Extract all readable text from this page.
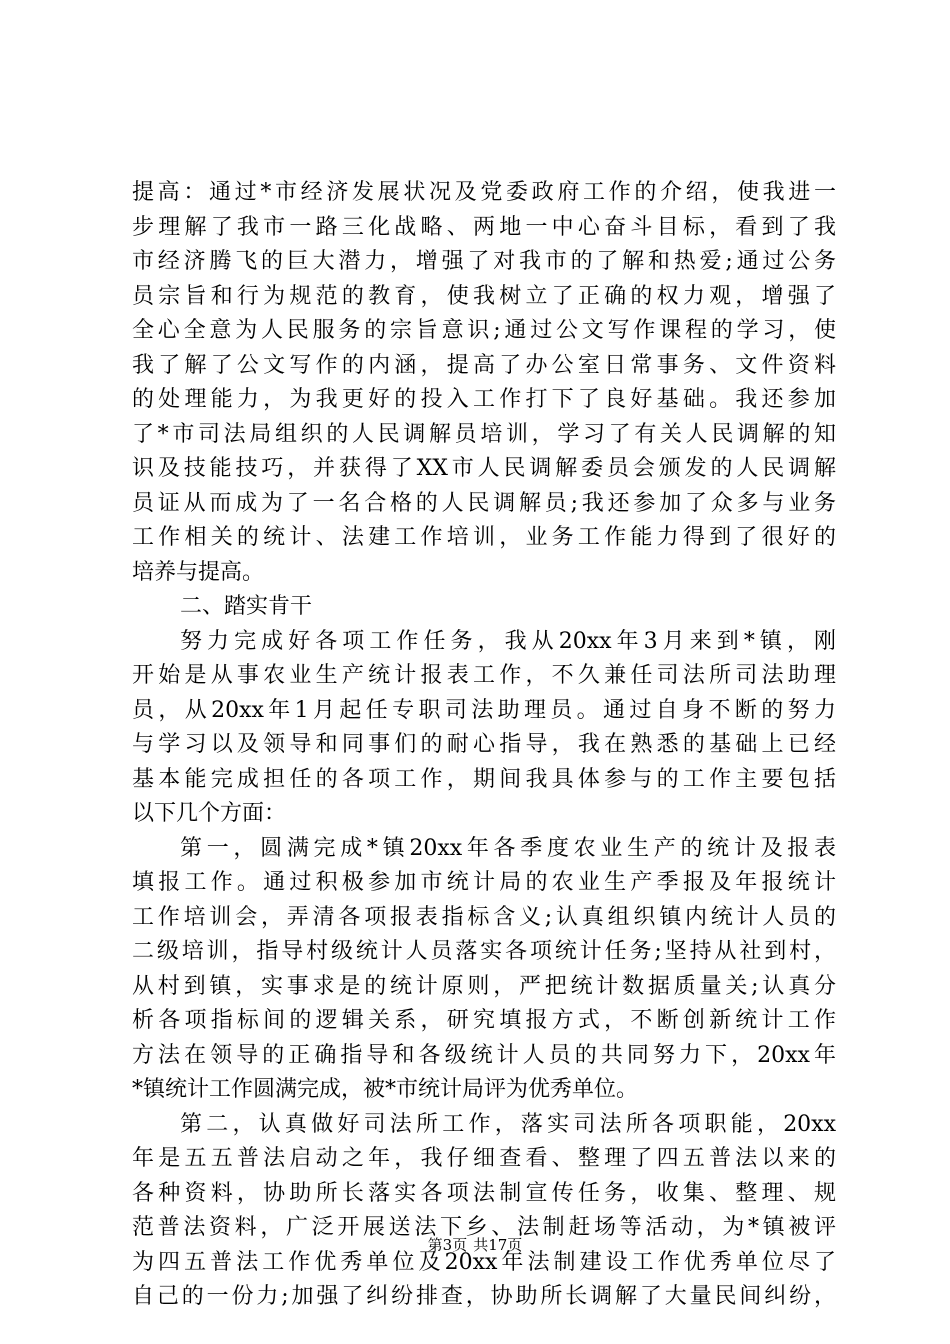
提高：通过*市经济发展状况及党委政府工作的介绍，使我进一
步理解了我市一路三化战略、两地一中心奋斗目标，看到了我
市经济腾飞的巨大潜力，增强了对我市的了解和热爱;通过公务
员宗旨和行为规范的教育，使我树立了正确的权力观，增强了
全心全意为人民服务的宗旨意识;通过公文写作课程的学习，使
我了解了公文写作的内涵，提高了办公室日常事务、文件资料
的处理能力，为我更好的投入工作打下了良好基础。我还参加
了*市司法局组织的人民调解员培训，学习了有关人民调解的知
识及技能技巧，并获得了XX市人民调解委员会颁发的人民调解
员证从而成为了一名合格的人民调解员;我还参加了众多与业务
工作相关的统计、法建工作培训，业务工作能力得到了很好的
培养与提高。
二、踏实肯干
努力完成好各项工作任务，我从20xx年3月来到*镇，刚
开始是从事农业生产统计报表工作，不久兼任司法所司法助理
员，从20xx年1月起任专职司法助理员。通过自身不断的努力
与学习以及领导和同事们的耐心指导，我在熟悉的基础上已经
基本能完成担任的各项工作，期间我具体参与的工作主要包括
以下几个方面：
第一，圆满完成*镇20xx年各季度农业生产的统计及报表
填报工作。通过积极参加市统计局的农业生产季报及年报统计
工作培训会，弄清各项报表指标含义;认真组织镇内统计人员的
二级培训，指导村级统计人员落实各项统计任务;坚持从社到村，
从村到镇，实事求是的统计原则，严把统计数据质量关;认真分
析各项指标间的逻辑关系，研究填报方式，不断创新统计工作
方法在领导的正确指导和各级统计人员的共同努力下，20xx年
*镇统计工作圆满完成，被*市统计局评为优秀单位。
第二，认真做好司法所工作，落实司法所各项职能，20xx
年是五五普法启动之年，我仔细查看、整理了四五普法以来的
各种资料，协助所长落实各项法制宣传任务，收集、整理、规
范普法资料，广泛开展送法下乡、法制赶场等活动，为*镇被评
为四五普法工作优秀单位及20xx年法制建设工作优秀单位尽了
自己的一份力;加强了纠纷排查，协助所长调解了大量民间纠纷，
第3页 共17页
